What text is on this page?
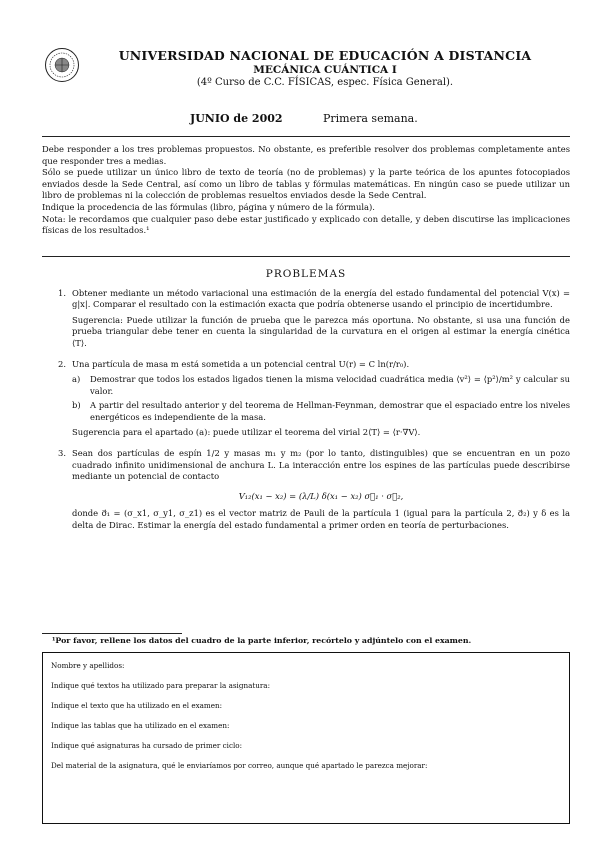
UNIVERSIDAD NACIONAL DE EDUCACIÓN A DISTANCIA
MECÁNICA CUÁNTICA I
(4º Curso de C.C. FÍSICAS, espec. Física General).
JUNIO de 2002	Primera semana.

Debe responder a los tres problemas propuestos. No obstante, es preferible resolver dos problemas completamente antes que responder tres a medias.

Sólo se puede utilizar un único libro de texto de teoría (no de problemas) y la parte teórica de los apuntes fotocopiados enviados desde la Sede Central, así como un libro de tablas y fórmulas matemáticas. En ningún caso se puede utilizar un libro de problemas ni la colección de problemas resueltos enviados desde la Sede Central.

Indique la procedencia de las fórmulas (libro, página y número de la fórmula).

Nota: le recordamos que cualquier paso debe estar justificado y explicado con detalle, y deben discutirse las implicaciones físicas de los resultados.¹

PROBLEMAS
1. Obtener mediante un método variacional una estimación de la energía del estado fundamental del potencial V(x) = g|x|. Comparar el resultado con la estimación exacta que podría obtenerse usando el principio de incertidumbre.

Sugerencia: Puede utilizar la función de prueba que le parezca más oportuna. No obstante, si usa una función de prueba triangular debe tener en cuenta la singularidad de la curvatura en el origen al estimar la energía cinética ⟨T⟩.

2. Una partícula de masa m está sometida a un potencial central U(r) = C ln(r/r₀).

a)	Demostrar que todos los estados ligados tienen la misma velocidad cuadrática media ⟨v²⟩ = ⟨p²⟩/m² y calcular su valor.
b)	A partir del resultado anterior y del teorema de Hellman-Feynman, demostrar que el espaciado entre los niveles energéticos es independiente de la masa.

Sugerencia para el apartado (a): puede utilizar el teorema del virial 2⟨T⟩ = ⟨r·∇V⟩.

3. Sean dos partículas de espín 1/2 y masas m₁ y m₂ (por lo tanto, distinguibles) que se encuentran en un pozo cuadrado infinito unidimensional de anchura L. La interacción entre los espines de las partículas puede describirse mediante un potencial de contacto

V₁₂(x₁ − x₂) = (λ/L) δ(x₁ − x₂) σ⃗₁ · σ⃗₂,

donde σ⃗₁ = (σ_x1, σ_y1, σ_z1) es el vector matriz de Pauli de la partícula 1 (igual para la partícula 2, σ⃗₂) y δ es la delta de Dirac. Estimar la energía del estado fundamental a primer orden en teoría de perturbaciones.

¹Por favor, rellene los datos del cuadro de la parte inferior, recórtelo y adjúntelo con el examen.
Nombre y apellidos:
Indique qué textos ha utilizado para preparar la asignatura:
Indique el texto que ha utilizado en el examen:
Indique las tablas que ha utilizado en el examen:
Indique qué asignaturas ha cursado de primer ciclo:
Del material de la asignatura, qué le enviaríamos por correo, aunque qué apartado le parezca mejorar:
